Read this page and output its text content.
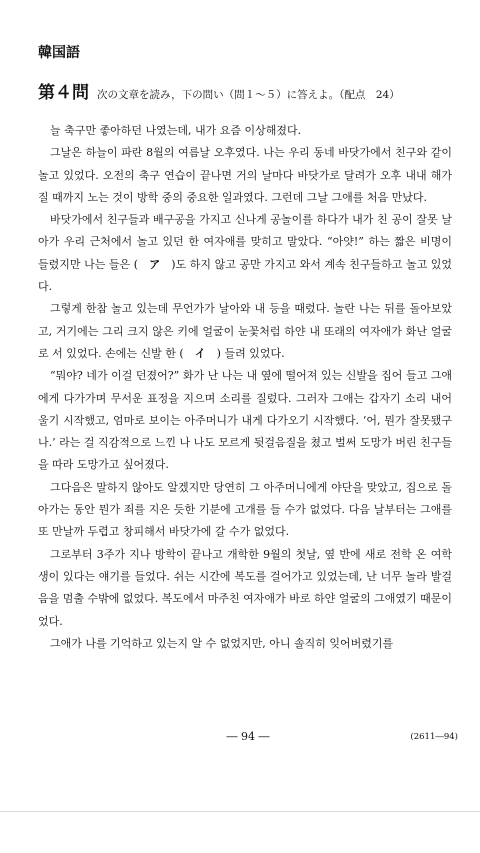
韓国語
第４問 次の文章を読み，下の問い（問１～５）に答えよ。（配点　24）

늘 축구만 좋아하던 나였는데, 내가 요즘 이상해졌다.

그날은 하늘이 파란 8월의 여름날 오후였다. 나는 우리 동네 바닷가에서 친구와 같이 놀고 있었다. 오전의 축구 연습이 끝나면 거의 날마다 바닷가로 달려가 오후 내내 해가 질 때까지 노는 것이 방학 중의 중요한 일과였다. 그런데 그날 그애를 처음 만났다.

바닷가에서 친구들과 배구공을 가지고 신나게 공놀이를 하다가 내가 친 공이 잘못 날아가 우리 근처에서 놀고 있던 한 여자애를 맞히고 말았다. “아얏!” 하는 짧은 비명이 들렸지만 나는 들은 (　 ア　 )도 하지 않고 공만 가지고 와서 계속 친구들하고 놀고 있었다.

그렇게 한참 놀고 있는데 무언가가 날아와 내 등을 때렸다. 놀란 나는 뒤를 돌아보았고, 거기에는 그리 크지 않은 키에 얼굴이 눈꽃처럼 하얀 내 또래의 여자애가 화난 얼굴로 서 있었다. 손에는 신발 한 (　 イ　 ) 들려 있었다.

“뭐야? 네가 이걸 던졌어?” 화가 난 나는 내 옆에 떨어져 있는 신발을 집어 들고 그애에게 다가가며 무서운 표정을 지으며 소리를 질렀다. 그러자 그애는 갑자기 소리 내어 울기 시작했고, 엄마로 보이는 아주머니가 내게 다가오기 시작했다. ‘어, 뭔가 잘못됐구나.’ 라는 걸 직감적으로 느낀 나 나도 모르게 뒷걸음질을 쳤고 벌써 도망가 버린 친구들을 따라 도망가고 싶어졌다.

그다음은 말하지 않아도 알겠지만 당연히 그 아주머니에게 야단을 맞았고, 집으로 돌아가는 동안 뭔가 죄를 지은 듯한 기분에 고개를 들 수가 없었다. 다음 날부터는 그애를 또 만날까 두렵고 창피해서 바닷가에 갈 수가 없었다.

그로부터 3주가 지나 방학이 끝나고 개학한 9월의 첫날, 옆 반에 새로 전학 온 여학생이 있다는 얘기를 들었다. 쉬는 시간에 복도를 걸어가고 있었는데, 난 너무 놀라 발걸음을 멈출 수밖에 없었다. 복도에서 마주친 여자애가 바로 하얀 얼굴의 그애였기 때문이었다.

그애가 나를 기억하고 있는지 알 수 없었지만, 아니 솔직히 잊어버렸기를

― 94 ―	(2611―94)
